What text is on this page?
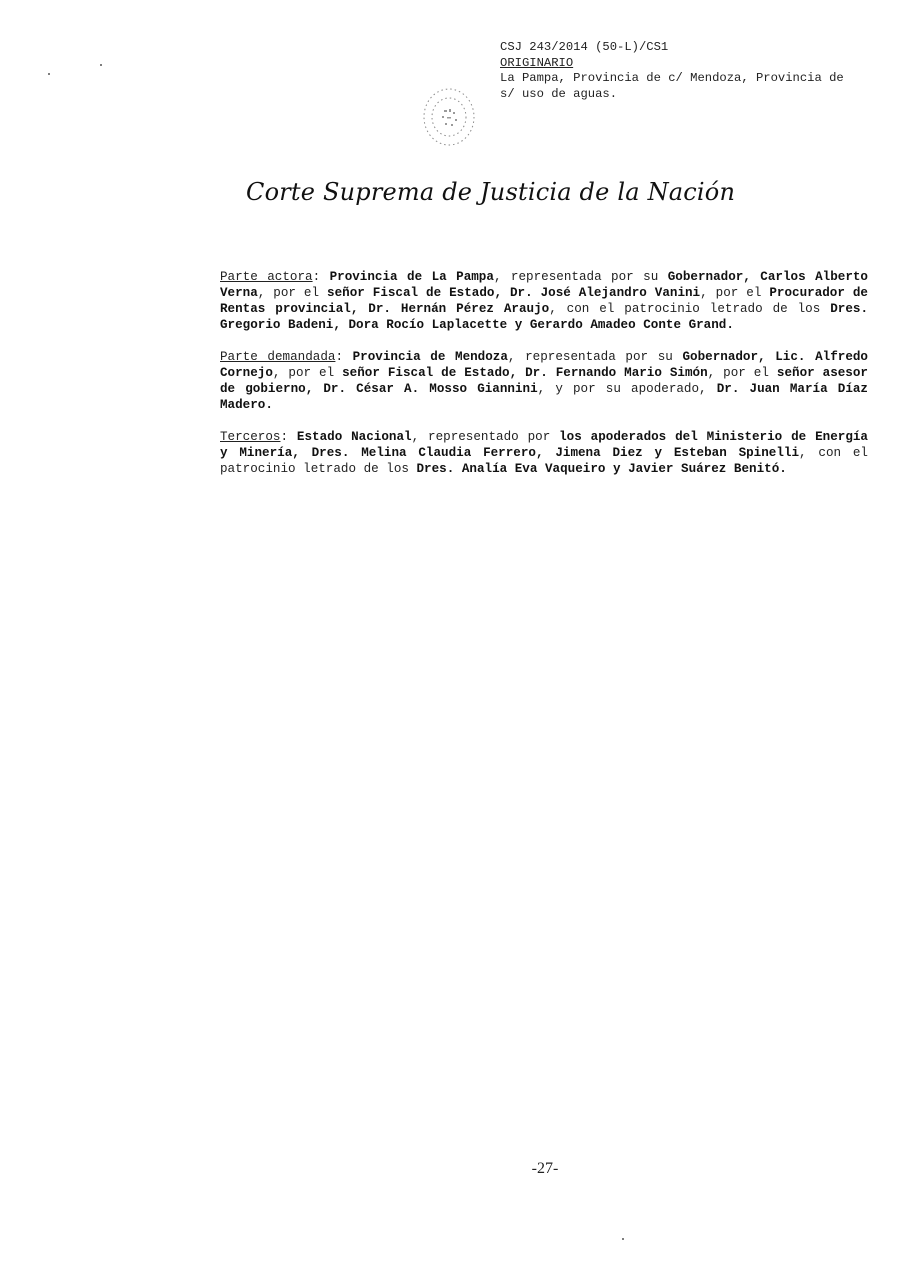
CSJ 243/2014 (50-L)/CS1
ORIGINARIO
La Pampa, Provincia de c/ Mendoza, Provincia de
s/ uso de aguas.
Corte Suprema de Justicia de la Nación

Parte actora: Provincia de La Pampa, representada por su Gobernador, Carlos Alberto Verna, por el señor Fiscal de Estado, Dr. José Alejandro Vanini, por el Procurador de Rentas provincial, Dr. Hernán Pérez Araujo, con el patrocinio letrado de los Dres. Gregorio Badeni, Dora Rocío Laplacette y Gerardo Amadeo Conte Grand.

Parte demandada: Provincia de Mendoza, representada por su Gobernador, Lic. Alfredo Cornejo, por el señor Fiscal de Estado, Dr. Fernando Mario Simón, por el señor asesor de gobierno, Dr. César A. Mosso Giannini, y por su apoderado, Dr. Juan María Díaz Madero.

Terceros: Estado Nacional, representado por los apoderados del Ministerio de Energía y Minería, Dres. Melina Claudia Ferrero, Jimena Diez y Esteban Spinelli, con el patrocinio letrado de los Dres. Analía Eva Vaqueiro y Javier Suárez Benitó.

-27-
